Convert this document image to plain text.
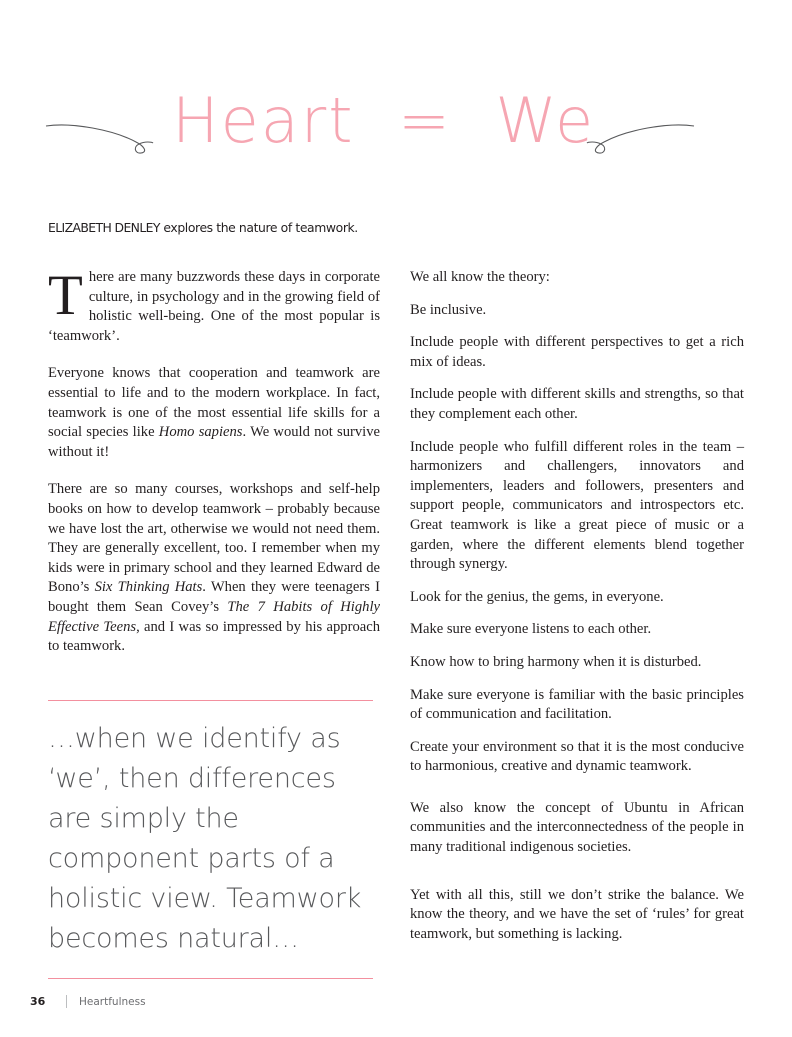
Heart  =  We
ELIZABETH DENLEY explores the nature of teamwork.

There are many buzzwords these days in corporate culture, in psychology and in the growing field of holistic well-being. One of the most popular is ‘teamwork’.

Everyone knows that cooperation and teamwork are essential to life and to the modern workplace. In fact, teamwork is one of the most essential life skills for a social species like Homo sapiens. We would not survive without it!

There are so many courses, workshops and self-help books on how to develop teamwork – probably because we have lost the art, otherwise we would not need them. They are generally excellent, too. I remember when my kids were in primary school and they learned Edward de Bono’s Six Thinking Hats. When they were teenagers I bought them Sean Covey’s The 7 Habits of Highly Effective Teens, and I was so impressed by his approach to teamwork.

…when we identify as ‘we’, then differences are simply the component parts of a holistic view. Teamwork becomes natural…

We all know the theory:

Be inclusive.

Include people with different perspectives to get a rich mix of ideas.

Include people with different skills and strengths, so that they complement each other.

Include people who fulfill different roles in the team – harmonizers and challengers, innovators and implementers, leaders and followers, presenters and support people, communicators and introspectors etc. Great teamwork is like a great piece of music or a garden, where the different elements blend together through synergy.

Look for the genius, the gems, in everyone.

Make sure everyone listens to each other.

Know how to bring harmony when it is disturbed.

Make sure everyone is familiar with the basic principles of communication and facilitation.

Create your environment so that it is the most conducive to harmonious, creative and dynamic teamwork.

We also know the concept of Ubuntu in African communities and the interconnectedness of the people in many traditional indigenous societies.

Yet with all this, still we don’t strike the balance. We know the theory, and we have the set of ‘rules’ for great teamwork, but something is lacking.

36	Heartfulness
